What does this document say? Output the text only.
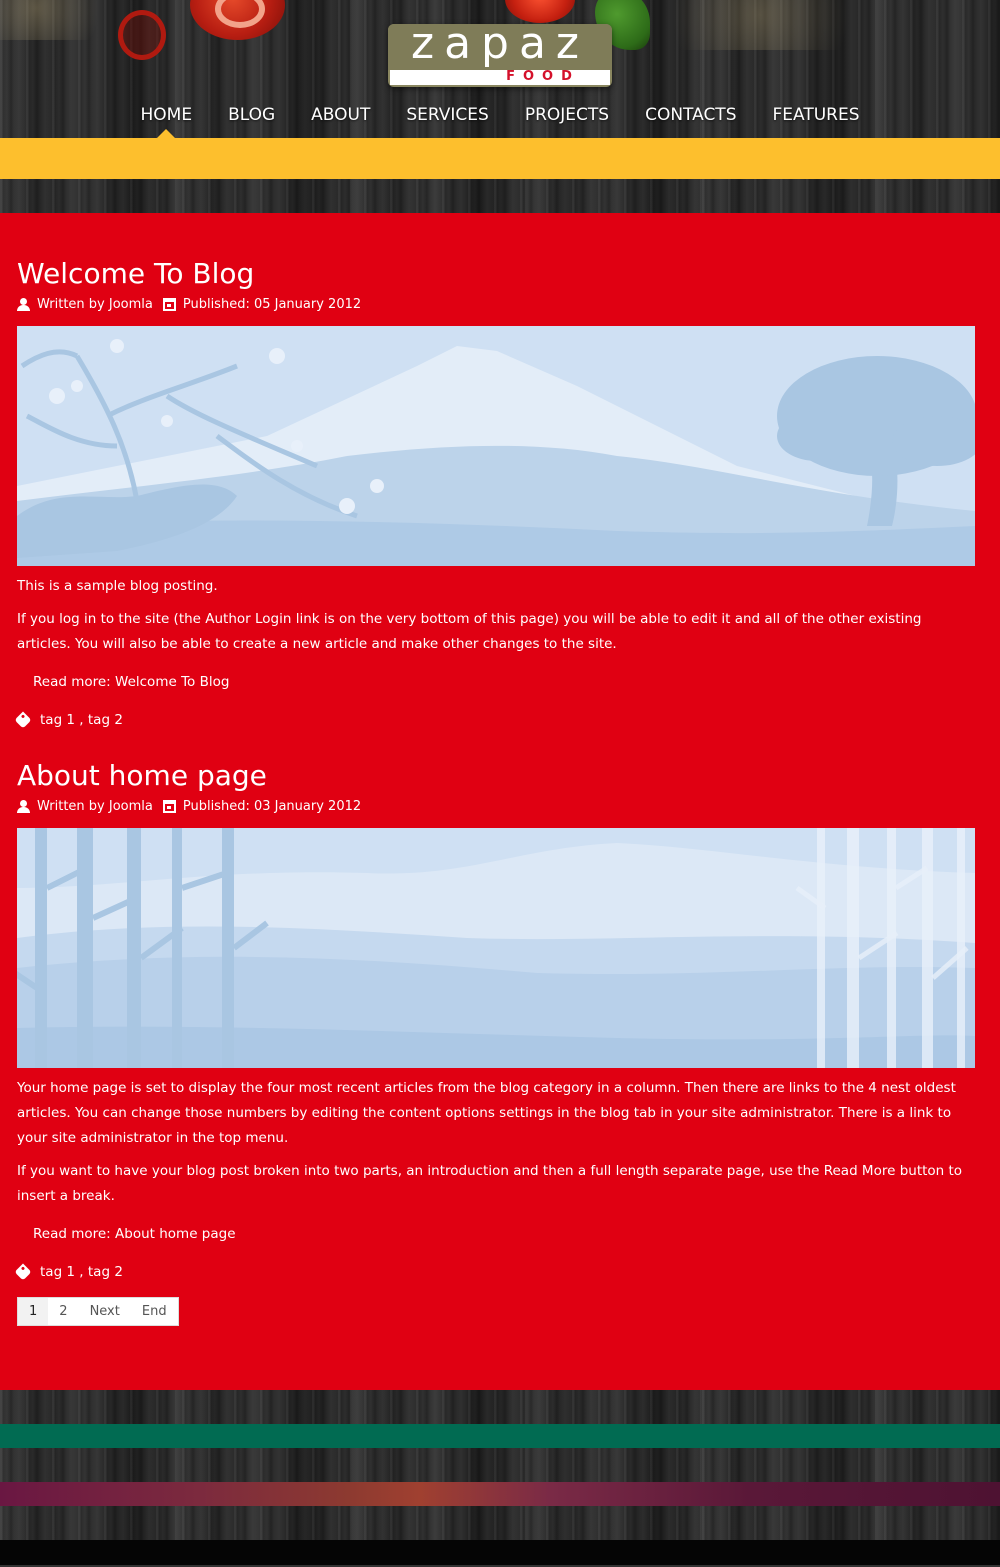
zapaz
FOOD
HOME	BLOG	ABOUT	SERVICES	PROJECTS	CONTACTS	FEATURES
Welcome To Blog
Written by Joomla Published: 05 January 2012

This is a sample blog posting.

If you log in to the site (the Author Login link is on the very bottom of this page) you will be able to edit it and all of the other existing articles. You will also be able to create a new article and make other changes to the site.

Read more: Welcome To Blog
tag 1 , tag 2
About home page
Written by Joomla Published: 03 January 2012

Your home page is set to display the four most recent articles from the blog category in a column. Then there are links to the 4 nest oldest articles. You can change those numbers by editing the content options settings in the blog tab in your site administrator. There is a link to your site administrator in the top menu.

If you want to have your blog post broken into two parts, an introduction and then a full length separate page, use the Read More button to insert a break.

Read more: About home page
tag 1 , tag 2
1	2	Next	End
